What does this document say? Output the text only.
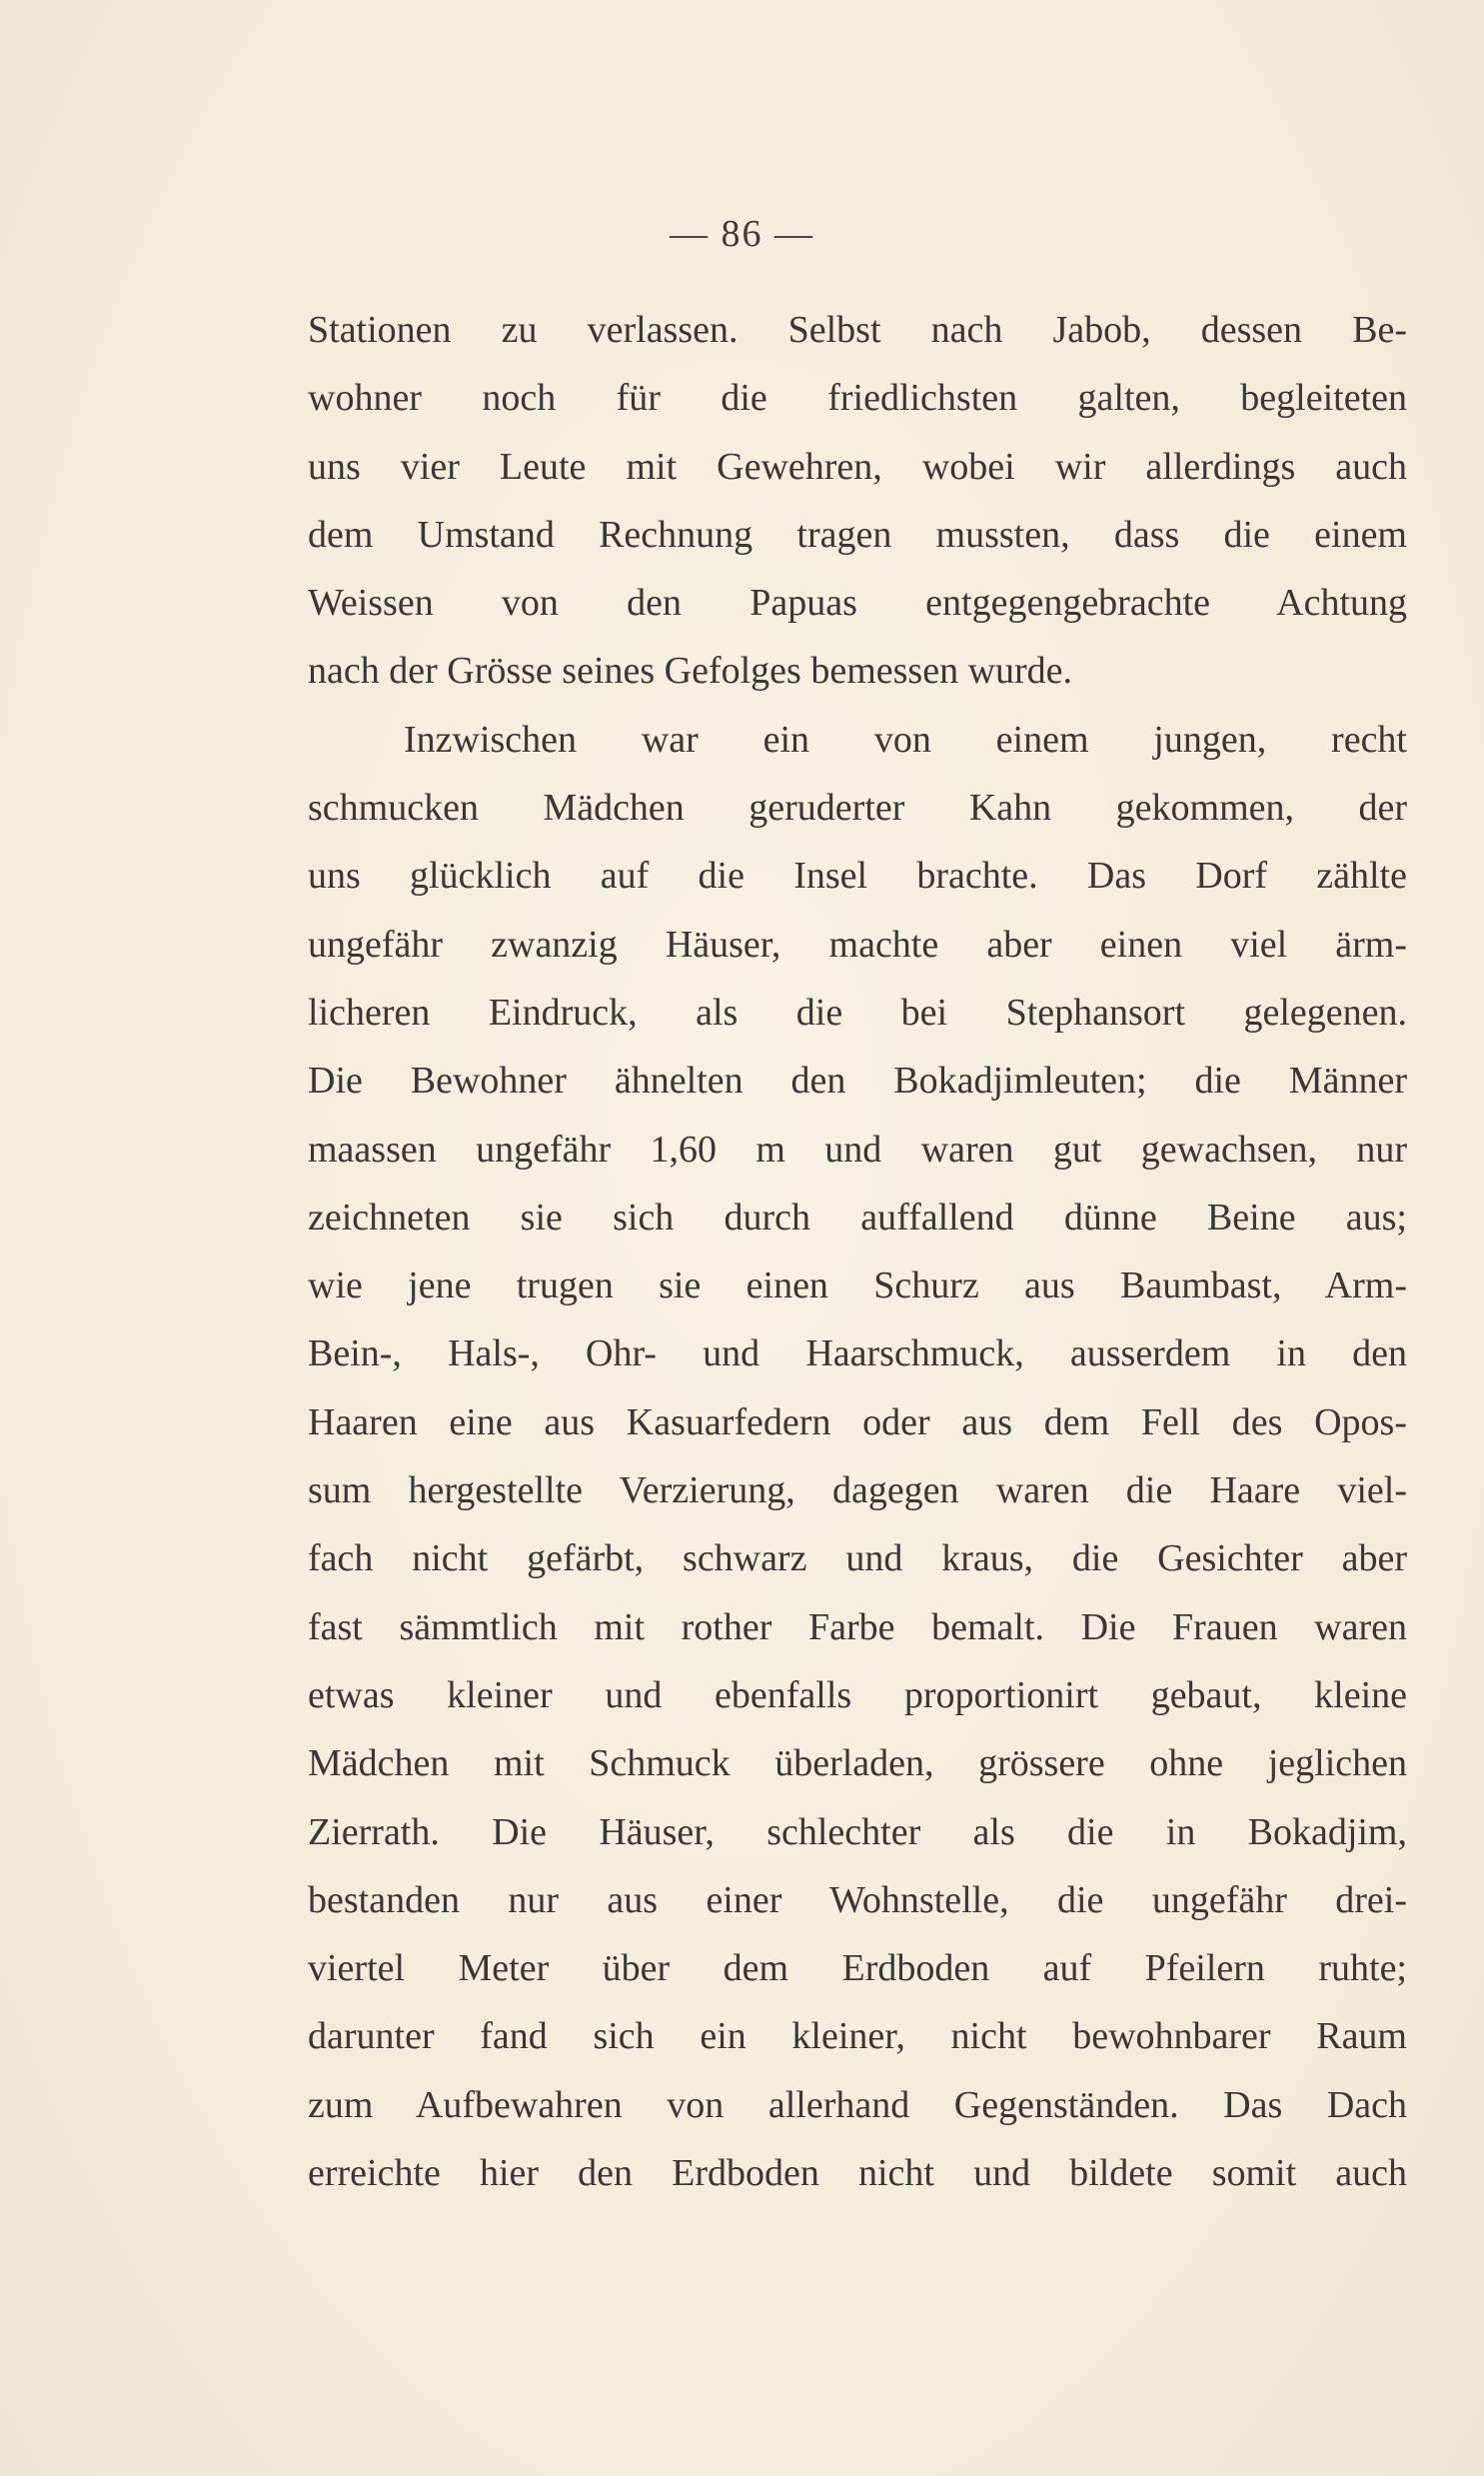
— 86 —
Stationen zu verlassen. Selbst nach Jabob, dessen Be-
wohner noch für die friedlichsten galten, begleiteten
uns vier Leute mit Gewehren, wobei wir allerdings auch
dem Umstand Rechnung tragen mussten, dass die einem
Weissen von den Papuas entgegengebrachte Achtung
nach der Grösse seines Gefolges bemessen wurde.
Inzwischen war ein von einem jungen, recht
schmucken Mädchen geruderter Kahn gekommen, der
uns glücklich auf die Insel brachte. Das Dorf zählte
ungefähr zwanzig Häuser, machte aber einen viel ärm-
licheren Eindruck, als die bei Stephansort gelegenen.
Die Bewohner ähnelten den Bokadjimleuten; die Männer
maassen ungefähr 1,60 m und waren gut gewachsen, nur
zeichneten sie sich durch auffallend dünne Beine aus;
wie jene trugen sie einen Schurz aus Baumbast, Arm-
Bein-, Hals-, Ohr- und Haarschmuck, ausserdem in den
Haaren eine aus Kasuarfedern oder aus dem Fell des Opos-
sum hergestellte Verzierung, dagegen waren die Haare viel-
fach nicht gefärbt, schwarz und kraus, die Gesichter aber
fast sämmtlich mit rother Farbe bemalt. Die Frauen waren
etwas kleiner und ebenfalls proportionirt gebaut, kleine
Mädchen mit Schmuck überladen, grössere ohne jeglichen
Zierrath. Die Häuser, schlechter als die in Bokadjim,
bestanden nur aus einer Wohnstelle, die ungefähr drei-
viertel Meter über dem Erdboden auf Pfeilern ruhte;
darunter fand sich ein kleiner, nicht bewohnbarer Raum
zum Aufbewahren von allerhand Gegenständen. Das Dach
erreichte hier den Erdboden nicht und bildete somit auch
